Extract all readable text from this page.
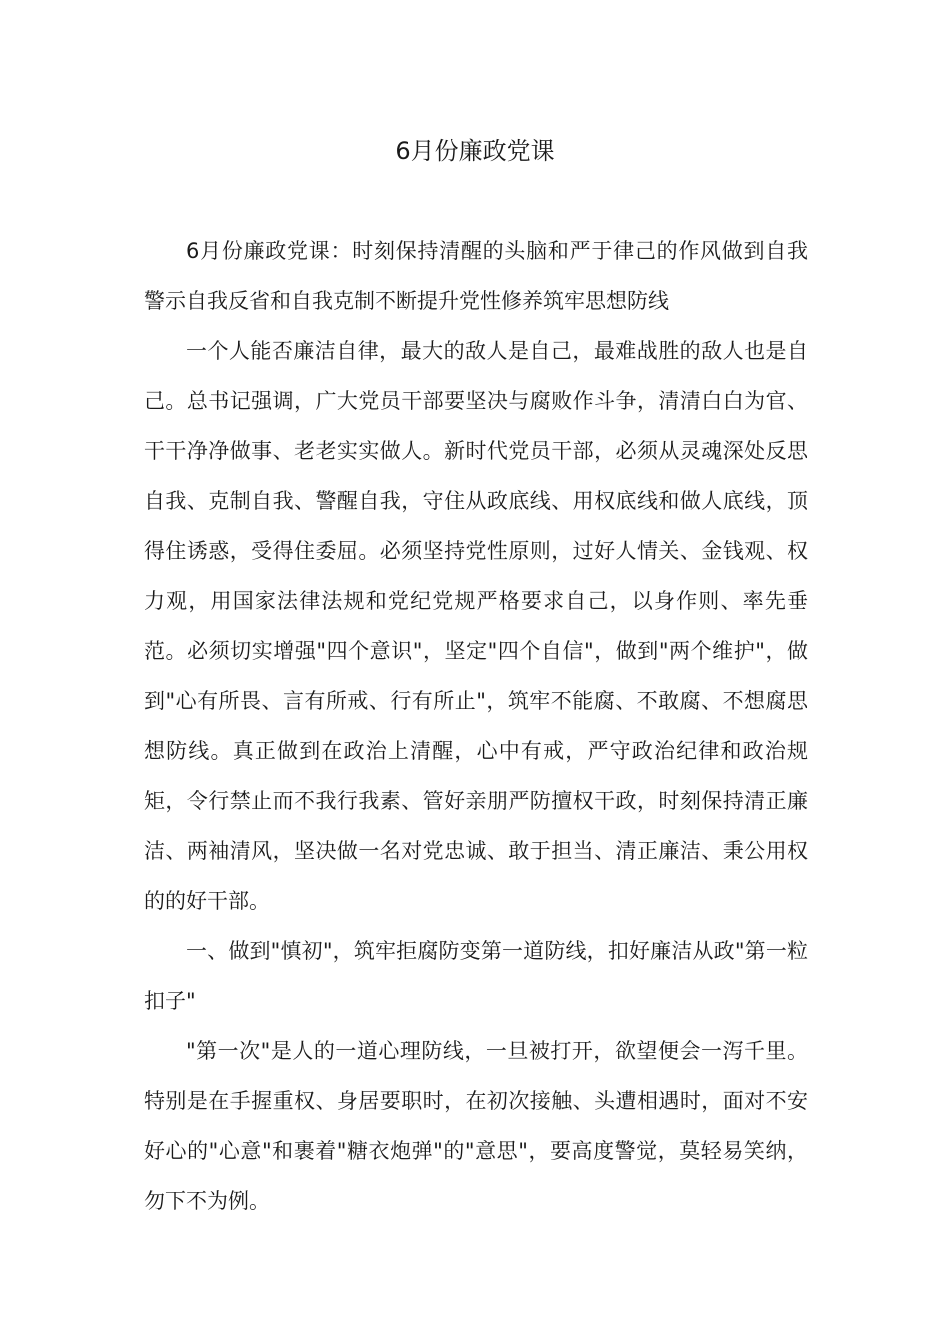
6月份廉政党课

6月份廉政党课：时刻保持清醒的头脑和严于律己的作风做到自我警示自我反省和自我克制不断提升党性修养筑牢思想防线

一个人能否廉洁自律，最大的敌人是自己，最难战胜的敌人也是自己。总书记强调，广大党员干部要坚决与腐败作斗争，清清白白为官、干干净净做事、老老实实做人。新时代党员干部，必须从灵魂深处反思自我、克制自我、警醒自我，守住从政底线、用权底线和做人底线，顶得住诱惑，受得住委屈。必须坚持党性原则，过好人情关、金钱观、权力观，用国家法律法规和党纪党规严格要求自己，以身作则、率先垂范。必须切实增强"四个意识"，坚定"四个自信"，做到"两个维护"，做到"心有所畏、言有所戒、行有所止"，筑牢不能腐、不敢腐、不想腐思想防线。真正做到在政治上清醒，心中有戒，严守政治纪律和政治规矩，令行禁止而不我行我素、管好亲朋严防擅权干政，时刻保持清正廉洁、两袖清风，坚决做一名对党忠诚、敢于担当、清正廉洁、秉公用权的的好干部。

一、做到"慎初"，筑牢拒腐防变第一道防线，扣好廉洁从政"第一粒扣子"

"第一次"是人的一道心理防线，一旦被打开，欲望便会一泻千里。特别是在手握重权、身居要职时，在初次接触、头遭相遇时，面对不安好心的"心意"和裹着"糖衣炮弹"的"意思"，要高度警觉，莫轻易笑纳，勿下不为例。
